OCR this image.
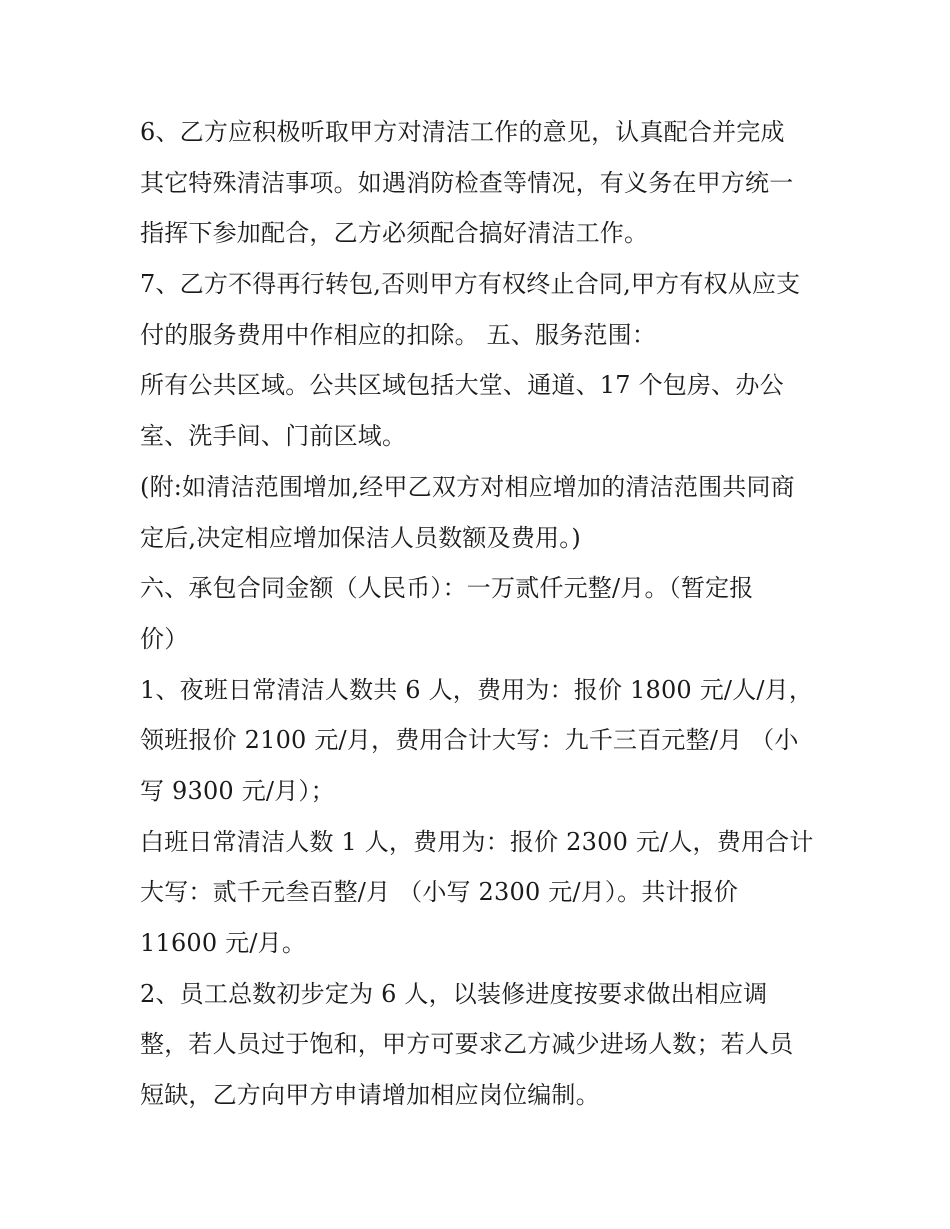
6、乙方应积极听取甲方对清洁工作的意见，认真配合并完成
其它特殊清洁事项。如遇消防检查等情况，有义务在甲方统一
指挥下参加配合，乙方必须配合搞好清洁工作。
7、乙方不得再行转包,否则甲方有权终止合同,甲方有权从应支
付的服务费用中作相应的扣除。 五、服务范围：
所有公共区域。公共区域包括大堂、通道、17 个包房、办公
室、洗手间、门前区域。
(附:如清洁范围增加,经甲乙双方对相应增加的清洁范围共同商
定后,决定相应增加保洁人员数额及费用。)
六、承包合同金额（人民币）：一万贰仟元整/月。（暂定报
价）
1、夜班日常清洁人数共 6 人，费用为：报价 1800 元/人/月，
领班报价 2100 元/月，费用合计大写：九千三百元整/月 （小
写 9300 元/月）；
白班日常清洁人数 1 人，费用为：报价 2300 元/人，费用合计
大写：贰千元叁百整/月 （小写 2300 元/月）。共计报价
11600 元/月。
2、员工总数初步定为 6 人，以装修进度按要求做出相应调
整，若人员过于饱和，甲方可要求乙方减少进场人数；若人员
短缺，乙方向甲方申请增加相应岗位编制。
